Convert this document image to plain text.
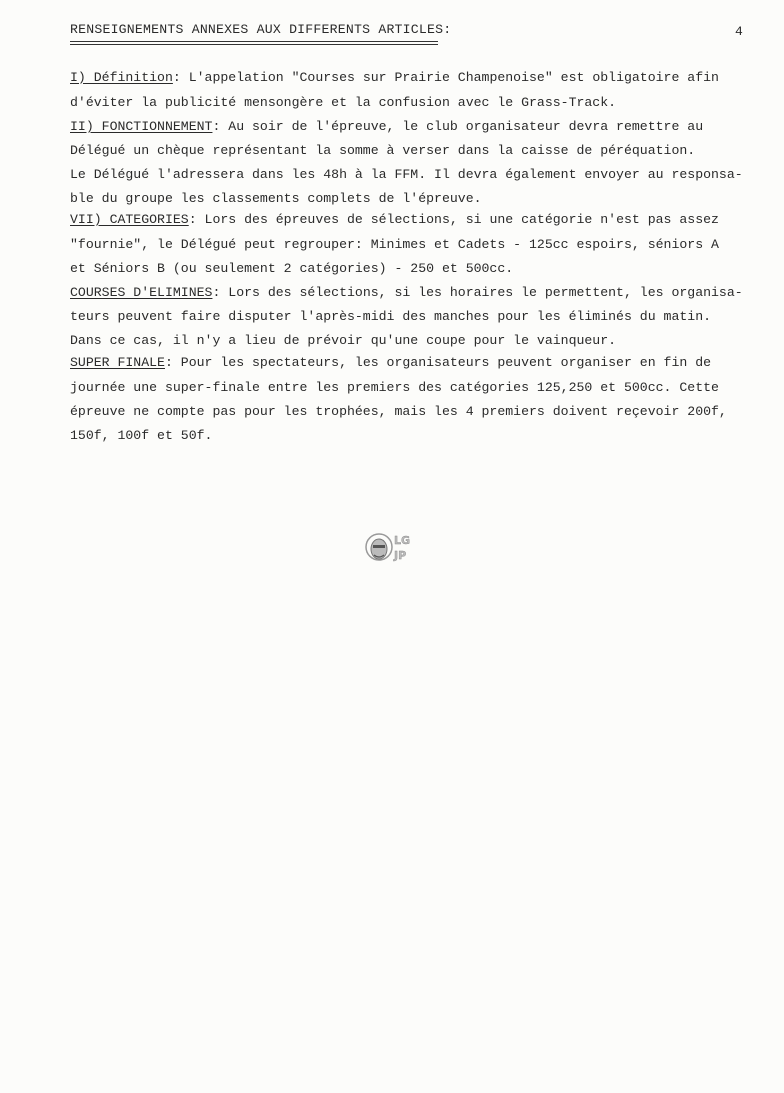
RENSEIGNEMENTS ANNEXES AUX DIFFERENTS ARTICLES:	4
I) Définition: L'appelation "Courses sur Prairie Champenoise" est obligatoire afin
d'éviter la publicité mensongère et la confusion avec le Grass-Track.
II) FONCTIONNEMENT: Au soir de l'épreuve, le club organisateur devra remettre au
Délégué un chèque représentant la somme à verser dans la caisse de péréquation.
Le Délégué l'adressera dans les 48h à la FFM. Il devra également envoyer au responsa-
ble du groupe les classements complets de l'épreuve.
VII) CATEGORIES: Lors des épreuves de sélections, si une catégorie n'est pas assez
"fournie", le Délégué peut regrouper: Minimes et Cadets - 125cc espoirs, séniors A
et Séniors B (ou seulement 2 catégories) - 250 et 500cc.
COURSES D'ELIMINES: Lors des sélections, si les horaires le permettent, les organisa-
teurs peuvent faire disputer l'après-midi des manches pour les éliminés du matin.
Dans ce cas, il n'y a lieu de prévoir qu'une coupe pour le vainqueur.
SUPER FINALE: Pour les spectateurs, les organisateurs peuvent organiser en fin de
journée une super-finale entre les premiers des catégories 125,250 et 500cc. Cette
épreuve ne compte pas pour les trophées, mais les 4 premiers doivent reçevoir 200f,
150f, 100f et 50f.
LG
JP
